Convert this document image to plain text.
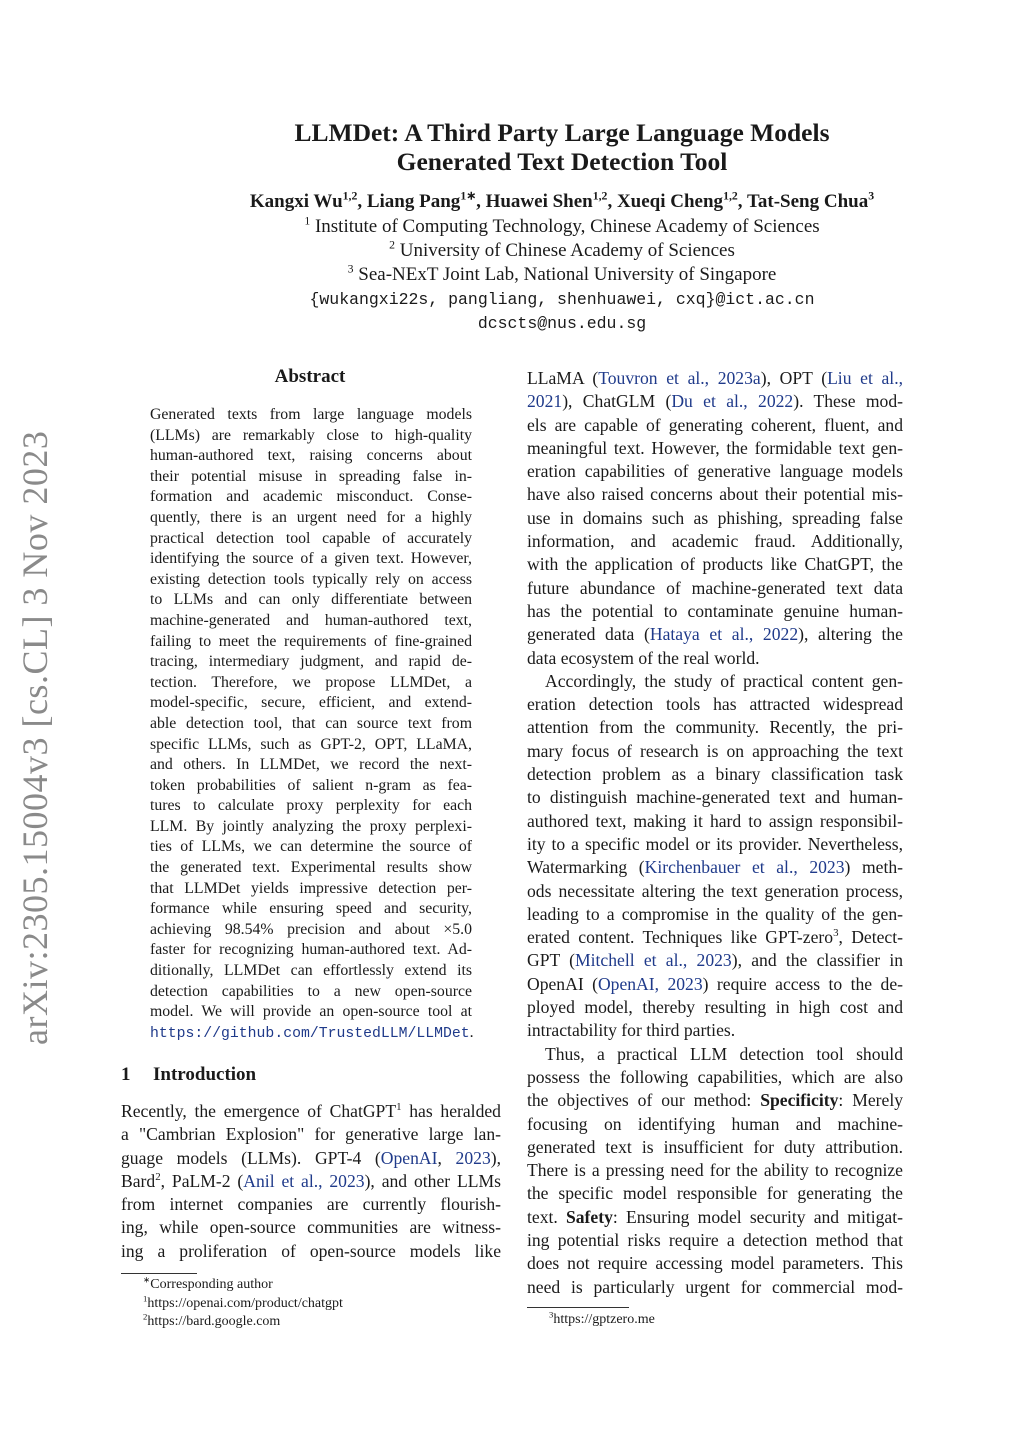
arXiv:2305.15004v3 [cs.CL] 3 Nov 2023
LLMDet: A Third Party Large Language Models
Generated Text Detection Tool
Kangxi Wu$^{1,2}$, Liang Pang$^{1∗}$, Huawei Shen$^{1,2}$, Xueqi Cheng$^{1,2}$, Tat-Seng Chua$^3$
$^1$ Institute of Computing Technology, Chinese Academy of Sciences
$^2$ University of Chinese Academy of Sciences
$^3$ Sea-NExT Joint Lab, National University of Singapore
{wukangxi22s, pangliang, shenhuawei, cxq}@ict.ac.cn
dcscts@nus.edu.sg
Abstract
Generated texts from large language models
(LLMs) are remarkably close to high-quality
human-authored text, raising concerns about
their potential misuse in spreading false in-
formation and academic misconduct. Conse-
quently, there is an urgent need for a highly
practical detection tool capable of accurately
identifying the source of a given text. However,
existing detection tools typically rely on access
to LLMs and can only differentiate between
machine-generated and human-authored text,
failing to meet the requirements of fine-grained
tracing, intermediary judgment, and rapid de-
tection. Therefore, we propose LLMDet, a
model-specific, secure, efficient, and extend-
able detection tool, that can source text from
specific LLMs, such as GPT-2, OPT, LLaMA,
and others. In LLMDet, we record the next-
token probabilities of salient n-gram as fea-
tures to calculate proxy perplexity for each
LLM. By jointly analyzing the proxy perplexi-
ties of LLMs, we can determine the source of
the generated text. Experimental results show
that LLMDet yields impressive detection per-
formance while ensuring speed and security,
achieving 98.54% precision and about ×5.0
faster for recognizing human-authored text. Ad-
ditionally, LLMDet can effortlessly extend its
detection capabilities to a new open-source
model. We will provide an open-source tool at
https://github.com/TrustedLLM/LLMDet.
1 Introduction
Recently, the emergence of ChatGPT$^1$ has heralded
a "Cambrian Explosion" for generative large lan-
guage models (LLMs). GPT-4 (OpenAI, 2023),
Bard$^2$, PaLM-2 (Anil et al., 2023), and other LLMs
from internet companies are currently flourish-
ing, while open-source communities are witness-
ing a proliferation of open-source models like
LLaMA (Touvron et al., 2023a), OPT (Liu et al.,
2021), ChatGLM (Du et al., 2022). These mod-
els are capable of generating coherent, fluent, and
meaningful text. However, the formidable text gen-
eration capabilities of generative language models
have also raised concerns about their potential mis-
use in domains such as phishing, spreading false
information, and academic fraud. Additionally,
with the application of products like ChatGPT, the
future abundance of machine-generated text data
has the potential to contaminate genuine human-
generated data (Hataya et al., 2022), altering the
data ecosystem of the real world.
Accordingly, the study of practical content gen-
eration detection tools has attracted widespread
attention from the community. Recently, the pri-
mary focus of research is on approaching the text
detection problem as a binary classification task
to distinguish machine-generated text and human-
authored text, making it hard to assign responsibil-
ity to a specific model or its provider. Nevertheless,
Watermarking (Kirchenbauer et al., 2023) meth-
ods necessitate altering the text generation process,
leading to a compromise in the quality of the gen-
erated content. Techniques like GPT-zero$^3$, Detect-
GPT (Mitchell et al., 2023), and the classifier in
OpenAI (OpenAI, 2023) require access to the de-
ployed model, thereby resulting in high cost and
intractability for third parties.
Thus, a practical LLM detection tool should
possess the following capabilities, which are also
the objectives of our method: Specificity: Merely
focusing on identifying human and machine-
generated text is insufficient for duty attribution.
There is a pressing need for the ability to recognize
the specific model responsible for generating the
text. Safety: Ensuring model security and mitigat-
ing potential risks require a detection method that
does not require accessing model parameters. This
need is particularly urgent for commercial mod-
∗Corresponding author
$^1$https://openai.com/product/chatgpt
$^2$https://bard.google.com	$^3$https://gptzero.me
